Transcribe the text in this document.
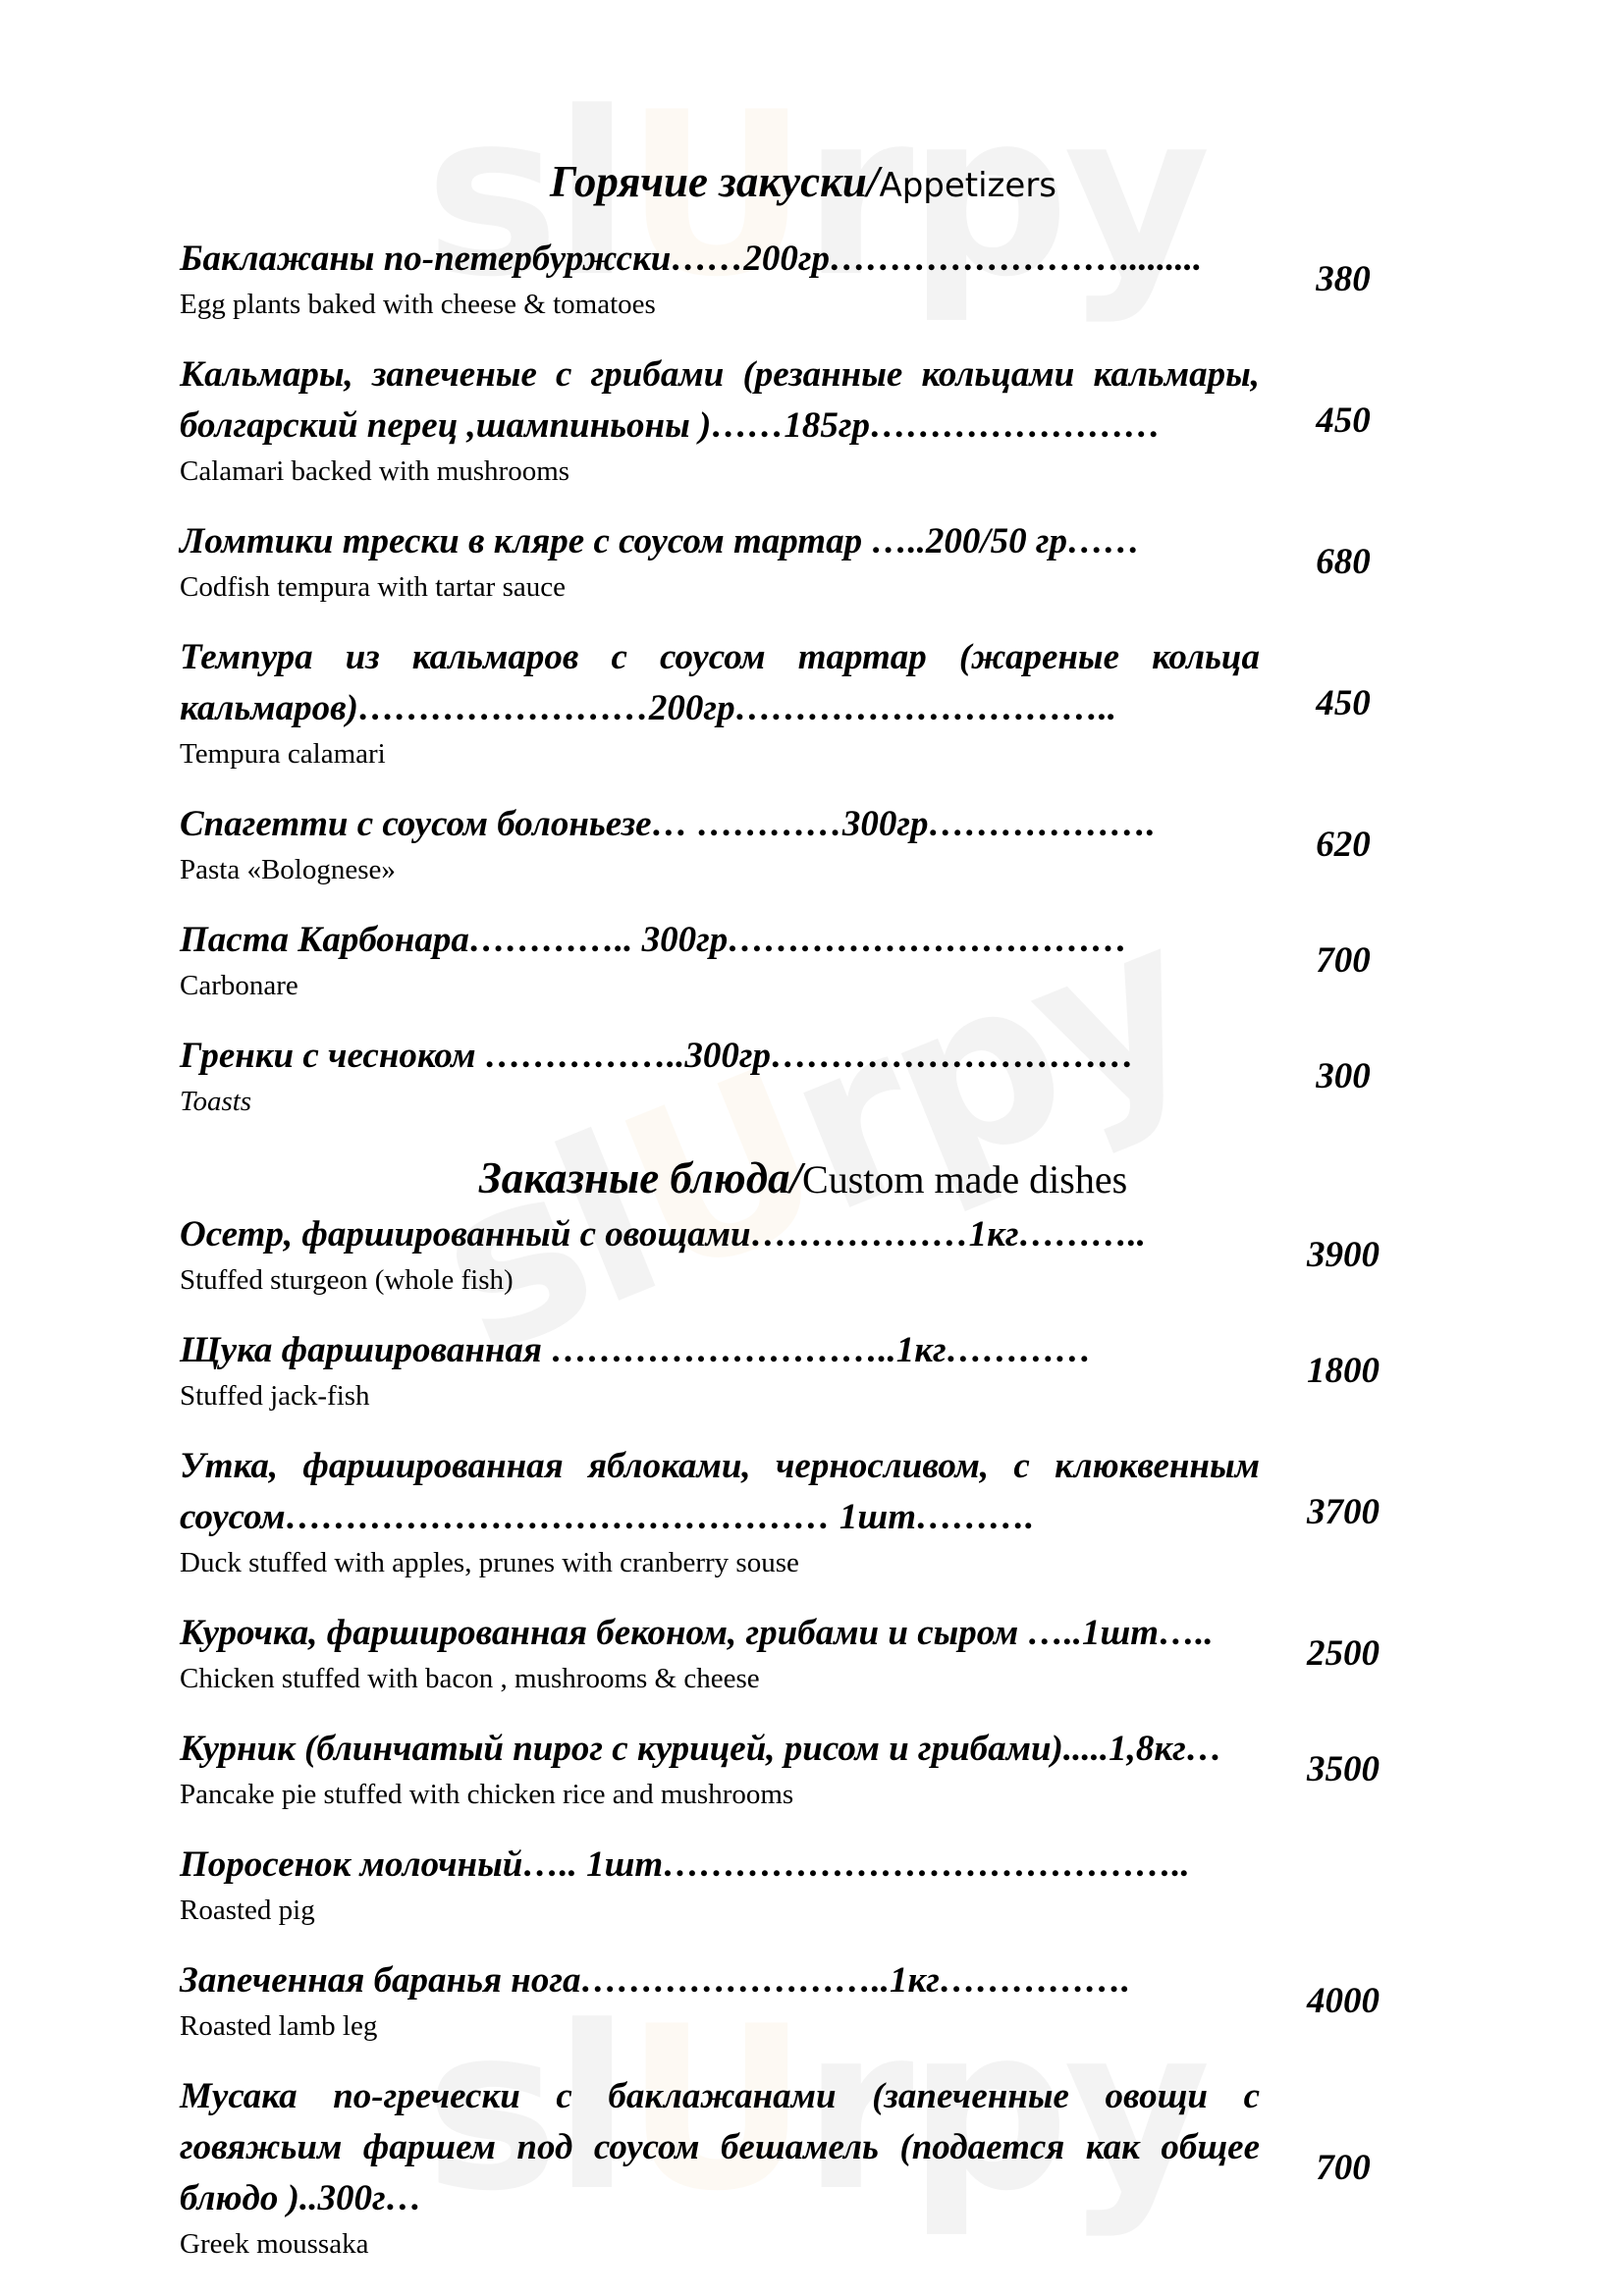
Горячие закуски/Appetizers
Баклажаны по-петербуржски……200гр…………………….........
Egg plants baked with cheese & tomatoes
380
Кальмары, запеченые с грибами (резанные кольцами кальмары, болгарский перец ,шампиньоны )……185гр……………………
Calamari backed with mushrooms
450
Ломтики трески в кляре с соусом тартар …..200/50 гр……
Codfish tempura with tartar sauce
680
Темпура из кальмаров с соусом тартар (жареные кольца кальмаров)……………………200гр…………………………..
Tempura calamari
450
Спагетти с соусом болоньезе… …………300гр……………….
Pasta «Bolognese»
620
Паста Карбонара………….. 300гр……………………………
Carbonare
700
Гренки с чесноком ……………..300гр…………………………
Toasts
300
Заказные блюда/Custom made dishes
Осетр, фаршированный с овощами………………1кг………..
Stuffed sturgeon (whole fish)
3900
Щука фаршированная ………………………..1кг…………
Stuffed jack-fish
1800
Утка, фаршированная яблоками, черносливом, с клюквенным соусом……………………………………… 1шт……….
Duck stuffed with apples, prunes with cranberry souse
3700
Курочка, фаршированная беконом, грибами и сыром …..1шт…..
Chicken stuffed with bacon , mushrooms & cheese
2500
Курник (блинчатый пирог с курицей, рисом и грибами).....1,8кг…
Pancake pie stuffed with chicken rice and mushrooms
3500
Поросенок молочный….. 1шт……………………………………..
Roasted pig
Запеченная баранья нога……………………..1кг…………….
Roasted lamb leg
4000
Мусака по-гречески с баклажанами (запеченные овощи с говяжьим фаршем под соусом бешамель (подается как общее блюдо )..300г…
Greek moussaka
700
